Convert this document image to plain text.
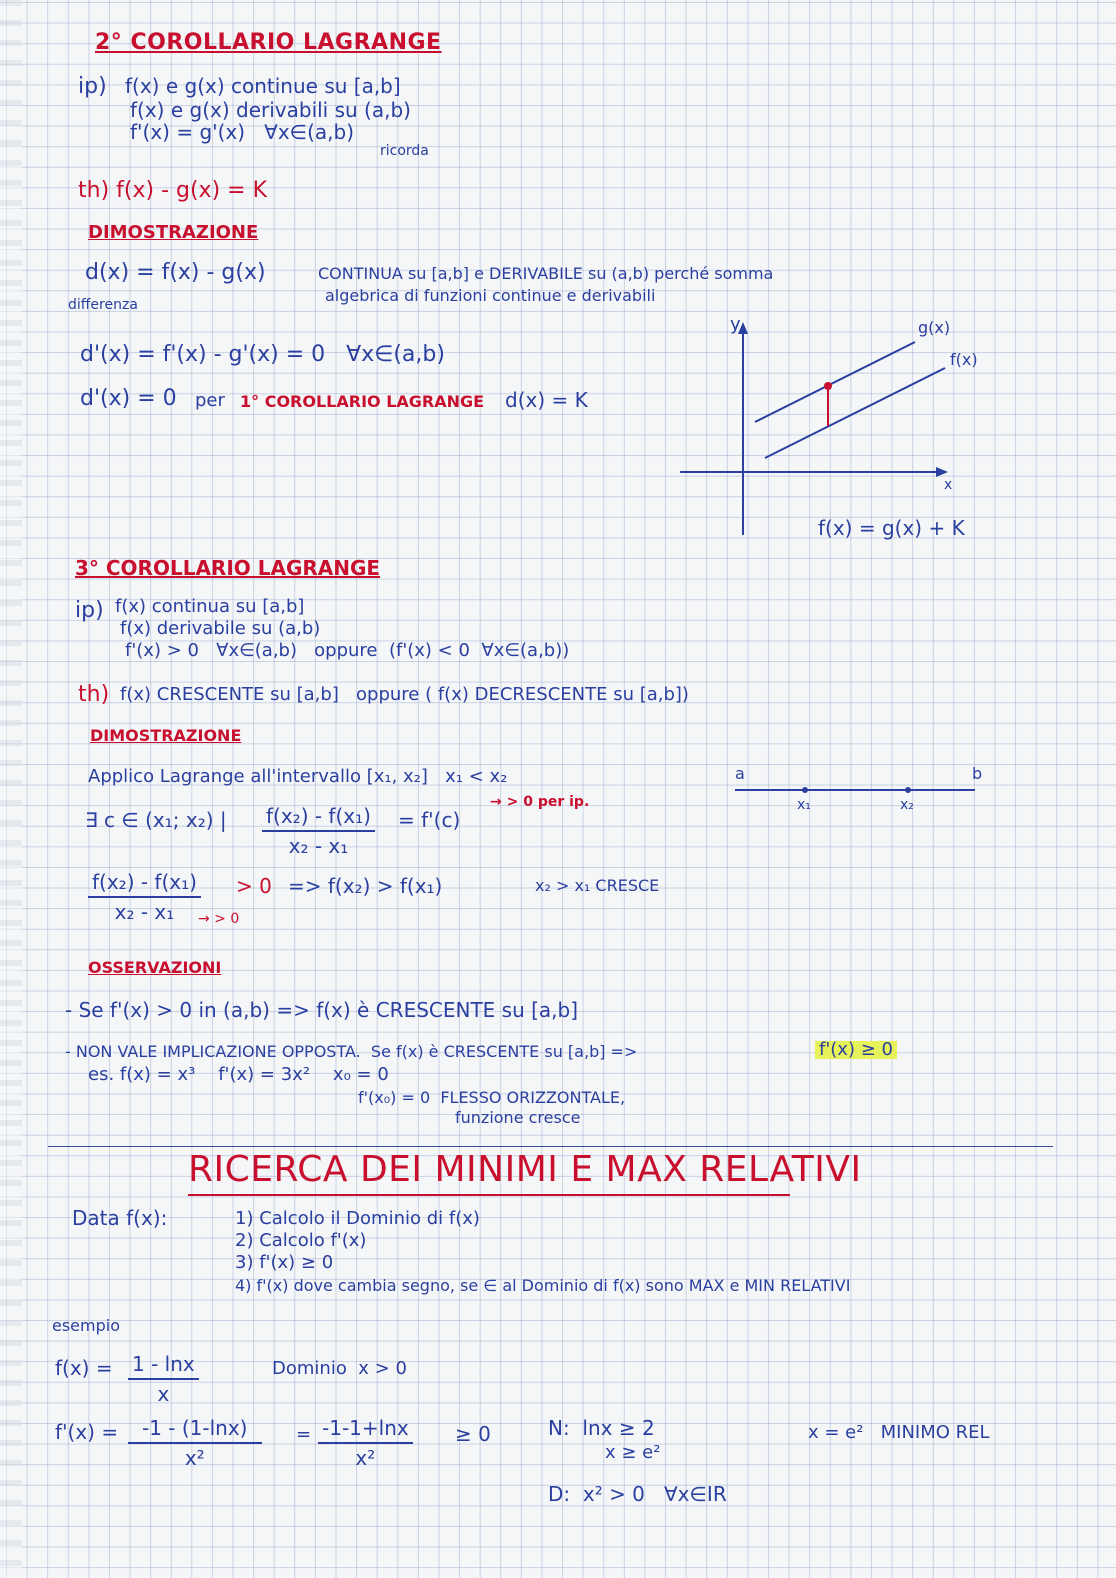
2° COROLLARIO LAGRANGE
ip) f(x) e g(x) continue su [a,b]
f(x) e g(x) derivabili su (a,b)
f'(x) = g'(x)   ∀x∈(a,b)
ricorda
th) f(x) - g(x) = K
DIMOSTRAZIONE
d(x) = f(x) - g(x)
differenza
CONTINUA su [a,b] e DERIVABILE su (a,b) perché somma
algebrica di funzioni continue e derivabili
d'(x) = f'(x) - g'(x) = 0   ∀x∈(a,b)
d'(x) = 0 per 1° COROLLARIO LAGRANGE d(x) = K
y
x
g(x)
f(x)
f(x) = g(x) + K
3° COROLLARIO LAGRANGE
ip) f(x) continua su [a,b]
f(x) derivabile su (a,b)
f'(x) > 0   ∀x∈(a,b)   oppure  (f'(x) < 0  ∀x∈(a,b))
th) f(x) CRESCENTE su [a,b]   oppure ( f(x) DECRESCENTE su [a,b])
DIMOSTRAZIONE
Applico Lagrange all'intervallo [x₁, x₂]   x₁ < x₂
∃ c ∈ (x₁; x₂) | $\frac{\text{f(x₂) - f(x₁)}}{\text{x₂ - x₁}} = f'(c)$
→ > 0 per ip.
$\frac{\text{f(x₂) - f(x₁)}}{\text{x₂ - x₁}} > 0$
→ > 0
=> f(x₂) > f(x₁)	x₂ > x₁ CRESCE
a	b
x₁	x₂
OSSERVAZIONI
- Se f'(x) > 0 in (a,b) => f(x) è CRESCENTE su [a,b]
- NON VALE IMPLICAZIONE OPPOSTA.  Se f(x) è CRESCENTE su [a,b] =>	f'(x) ≥ 0
es. f(x) = x³    f'(x) = 3x²    x₀ = 0
f'(x₀) = 0  FLESSO ORIZZONTALE,
funzione cresce
RICERCA DEI MINIMI E MAX RELATIVI
Data f(x):	1) Calcolo il Dominio di f(x)
2) Calcolo f'(x)
3) f'(x) ≥ 0
4) f'(x) dove cambia segno, se ∈ al Dominio di f(x) sono MAX e MIN RELATIVI
esempio
$f(x) = \frac{1 - \ln x}{x}$	Dominio  x > 0
$f'(x) = \frac{-1 - (1-\ln x)}{\text{x²}} = \frac{-1-1+\ln x}{\text{x²}} \ge 0$	N:  lnx ≥ 2
x ≥ e²
D:  x² > 0   ∀x∈IR
x = e²   MINIMO REL
